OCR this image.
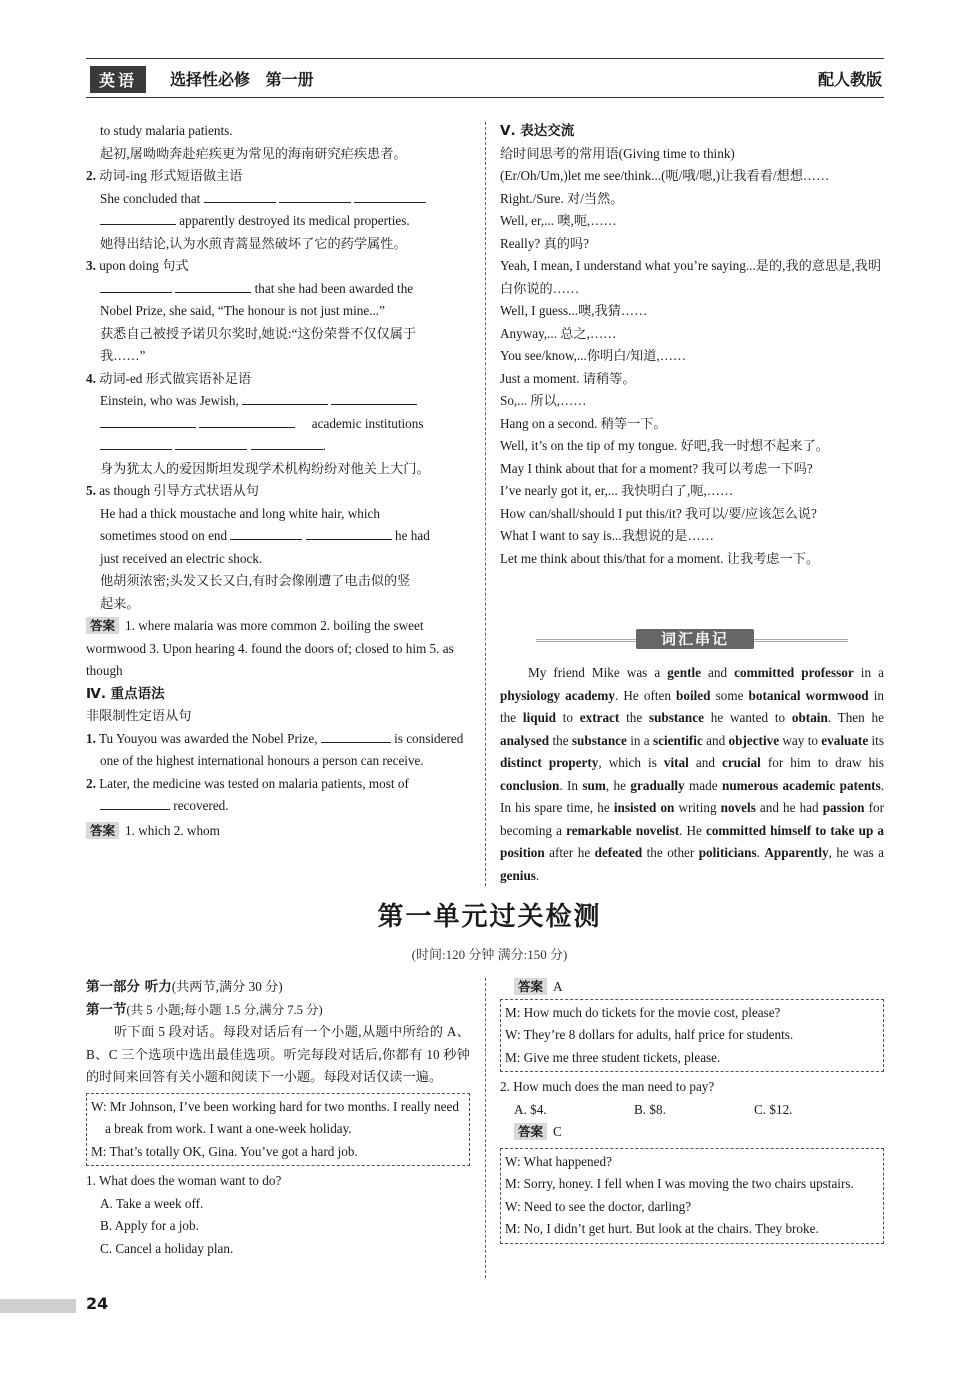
英语	选择性必修 第一册	配人教版

to study malaria patients.

起初,屠呦呦奔赴疟疾更为常见的海南研究疟疾患者。

2. 动词-ing 形式短语做主语

She concluded that

apparently destroyed its medical properties.

她得出结论,认为水煎青蒿显然破坏了它的药学属性。

3. upon doing 句式

that she had been awarded the

Nobel Prize, she said, “The honour is not just mine...”

获悉自己被授予诺贝尔奖时,她说:“这份荣誉不仅仅属于

我……”

4. 动词-ed 形式做宾语补足语

Einstein, who was Jewish,

academic institutions

.

身为犹太人的爱因斯坦发现学术机构纷纷对他关上大门。

5. as though 引导方式状语从句

He had a thick moustache and long white hair, which

sometimes stood on end	he had

just received an electric shock.

他胡须浓密;头发又长又白,有时会像刚遭了电击似的竖

起来。

答案 1. where malaria was more common 2. boiling the sweet wormwood 3. Upon hearing 4. found the doors of; closed to him 5. as though

Ⅳ. 重点语法

非限制性定语从句

1. Tu Youyou was awarded the Nobel Prize,	is considered one of the highest international honours a person can receive.

2. Later, the medicine was tested on malaria patients, most of  recovered.

答案 1. which 2. whom

Ⅴ. 表达交流

给时间思考的常用语(Giving time to think)

(Er/Oh/Um,)let me see/think...(呃/哦/嗯,)让我看看/想想……

Right./Sure. 对/当然。

Well, er,... 噢,呃,……

Really? 真的吗?

Yeah, I mean, I understand what you’re saying...是的,我的意思是,我明白你说的……

Well, I guess...噢,我猜……

Anyway,... 总之,……

You see/know,...你明白/知道,……

Just a moment. 请稍等。

So,... 所以,……

Hang on a second. 稍等一下。

Well, it’s on the tip of my tongue. 好吧,我一时想不起来了。

May I think about that for a moment? 我可以考虑一下吗?

I’ve nearly got it, er,... 我快明白了,呃,……

How can/shall/should I put this/it? 我可以/要/应该怎么说?

What I want to say is...我想说的是……

Let me think about this/that for a moment. 让我考虑一下。

词汇串记

My friend Mike was a gentle and committed professor in a physiology academy. He often boiled some botanical wormwood in the liquid to extract the substance he wanted to obtain. Then he analysed the substance in a scientific and objective way to evaluate its distinct property, which is vital and crucial for him to draw his conclusion. In sum, he gradually made numerous academic patents. In his spare time, he insisted on writing novels and he had passion for becoming a remarkable novelist. He committed himself to take up a position after he defeated the other politicians. Apparently, he was a genius.

第一单元过关检测
(时间:120 分钟 满分:150 分)

第一部分 听力(共两节,满分 30 分)

第一节(共 5 小题;每小题 1.5 分,满分 7.5 分)

听下面 5 段对话。每段对话后有一个小题,从题中所给的 A、B、C 三个选项中选出最佳选项。听完每段对话后,你都有 10 秒钟的时间来回答有关小题和阅读下一小题。每段对话仅读一遍。

W: Mr Johnson, I’ve been working hard for two months. I really need a break from work. I want a one-week holiday.

M: That’s totally OK, Gina. You’ve got a hard job.

1. What does the woman want to do?

A. Take a week off.

B. Apply for a job.

C. Cancel a holiday plan.

答案 A

M: How much do tickets for the movie cost, please?

W: They’re 8 dollars for adults, half price for students.

M: Give me three student tickets, please.

2. How much does the man need to pay?

A. $4.	B. $8.	C. $12.

答案 C

W: What happened?

M: Sorry, honey. I fell when I was moving the two chairs upstairs.

W: Need to see the doctor, darling?

M: No, I didn’t get hurt. But look at the chairs. They broke.

24
